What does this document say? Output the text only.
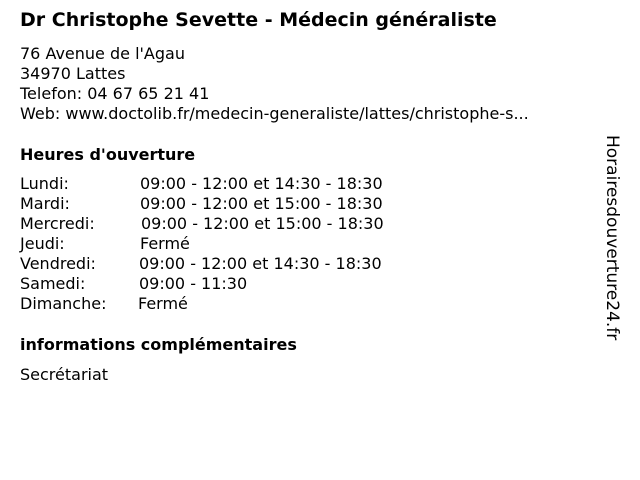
Dr Christophe Sevette - Médecin généraliste
76 Avenue de l'Agau
34970 Lattes
Telefon: 04 67 65 21 41
Web: www.doctolib.fr/medecin-generaliste/lattes/christophe-s...
Heures d'ouverture
Lundi:	09:00 - 12:00 et 14:30 - 18:30
Mardi:	09:00 - 12:00 et 15:00 - 18:30
Mercredi:	09:00 - 12:00 et 15:00 - 18:30
Jeudi:	Fermé
Vendredi:	09:00 - 12:00 et 14:30 - 18:30
Samedi:	09:00 - 11:30
Dimanche: Fermé
informations complémentaires
Secrétariat
Horairesdouverture24.fr
